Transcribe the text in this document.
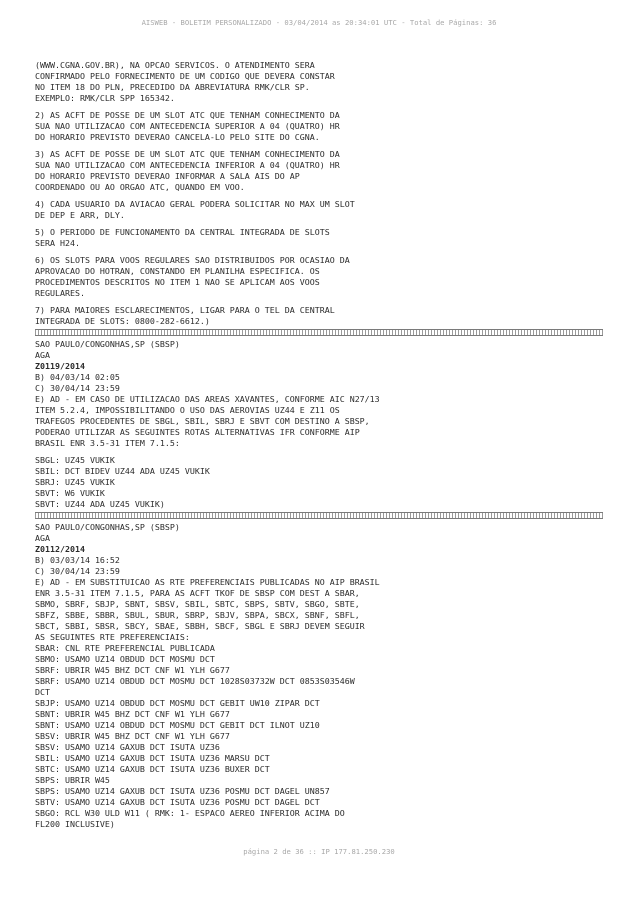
AISWEB - BOLETIM PERSONALIZADO - 03/04/2014 as 20:34:01 UTC - Total de Páginas: 36
(WWW.CGNA.GOV.BR), NA OPCAO SERVICOS. O ATENDIMENTO SERA
CONFIRMADO PELO FORNECIMENTO DE UM CODIGO QUE DEVERA CONSTAR
NO ITEM 18 DO PLN, PRECEDIDO DA ABREVIATURA RMK/CLR SP.
EXEMPLO: RMK/CLR SPP 165342.
2) AS ACFT DE POSSE DE UM SLOT ATC QUE TENHAM CONHECIMENTO DA
SUA NAO UTILIZACAO COM ANTECEDENCIA SUPERIOR A 04 (QUATRO) HR
DO HORARIO PREVISTO DEVERAO CANCELA-LO PELO SITE DO CGNA.
3) AS ACFT DE POSSE DE UM SLOT ATC QUE TENHAM CONHECIMENTO DA
SUA NAO UTILIZACAO COM ANTECEDENCIA INFERIOR A 04 (QUATRO) HR
DO HORARIO PREVISTO DEVERAO INFORMAR A SALA AIS DO AP
COORDENADO OU AO ORGAO ATC, QUANDO EM VOO.
4) CADA USUARIO DA AVIACAO GERAL PODERA SOLICITAR NO MAX UM SLOT
DE DEP E ARR, DLY.
5) O PERIODO DE FUNCIONAMENTO DA CENTRAL INTEGRADA DE SLOTS
SERA H24.
6) OS SLOTS PARA VOOS REGULARES SAO DISTRIBUIDOS POR OCASIAO DA
APROVACAO DO HOTRAN, CONSTANDO EM PLANILHA ESPECIFICA. OS
PROCEDIMENTOS DESCRITOS NO ITEM 1 NAO SE APLICAM AOS VOOS
REGULARES.
7) PARA MAIORES ESCLARECIMENTOS, LIGAR PARA O TEL DA CENTRAL
INTEGRADA DE SLOTS: 0800-282-6612.)
SAO PAULO/CONGONHAS,SP (SBSP)
AGA
Z0119/2014
B) 04/03/14 02:05
C) 30/04/14 23:59
E) AD - EM CASO DE UTILIZACAO DAS AREAS XAVANTES, CONFORME AIC N27/13
ITEM 5.2.4, IMPOSSIBILITANDO O USO DAS AEROVIAS UZ44 E Z11 OS
TRAFEGOS PROCEDENTES DE SBGL, SBIL, SBRJ E SBVT COM DESTINO A SBSP,
PODERAO UTILIZAR AS SEGUINTES ROTAS ALTERNATIVAS IFR CONFORME AIP
BRASIL ENR 3.5-31 ITEM 7.1.5:
SBGL: UZ45 VUKIK
SBIL: DCT BIDEV UZ44 ADA UZ45 VUKIK
SBRJ: UZ45 VUKIK
SBVT: W6 VUKIK
SBVT: UZ44 ADA UZ45 VUKIK)
SAO PAULO/CONGONHAS,SP (SBSP)
AGA
Z0112/2014
B) 03/03/14 16:52
C) 30/04/14 23:59
E) AD - EM SUBSTITUICAO AS RTE PREFERENCIAIS PUBLICADAS NO AIP BRASIL
ENR 3.5-31 ITEM 7.1.5, PARA AS ACFT TKOF DE SBSP COM DEST A SBAR,
SBMO, SBRF, SBJP, SBNT, SBSV, SBIL, SBTC, SBPS, SBTV, SBGO, SBTE,
SBFZ, SBBE, SBBR, SBUL, SBUR, SBRP, SBJV, SBPA, SBCX, SBNF, SBFL,
SBCT, SBBI, SBSR, SBCY, SBAE, SBBH, SBCF, SBGL E SBRJ DEVEM SEGUIR
AS SEGUINTES RTE PREFERENCIAIS:
SBAR: CNL RTE PREFERENCIAL PUBLICADA
SBMO: USAMO UZ14 OBDUD DCT MOSMU DCT
SBRF: UBRIR W45 BHZ DCT CNF W1 YLH G677
SBRF: USAMO UZ14 OBDUD DCT MOSMU DCT 1028S03732W DCT 0853S03546W
DCT
SBJP: USAMO UZ14 OBDUD DCT MOSMU DCT GEBIT UW10 ZIPAR DCT
SBNT: UBRIR W45 BHZ DCT CNF W1 YLH G677
SBNT: USAMO UZ14 OBDUD DCT MOSMU DCT GEBIT DCT ILNOT UZ10
SBSV: UBRIR W45 BHZ DCT CNF W1 YLH G677
SBSV: USAMO UZ14 GAXUB DCT ISUTA UZ36
SBIL: USAMO UZ14 GAXUB DCT ISUTA UZ36 MARSU DCT
SBTC: USAMO UZ14 GAXUB DCT ISUTA UZ36 BUXER DCT
SBPS: UBRIR W45
SBPS: USAMO UZ14 GAXUB DCT ISUTA UZ36 POSMU DCT DAGEL UN857
SBTV: USAMO UZ14 GAXUB DCT ISUTA UZ36 POSMU DCT DAGEL DCT
SBGO: RCL W30 ULD W11 ( RMK: 1- ESPACO AEREO INFERIOR ACIMA DO
FL200 INCLUSIVE)
página 2 de 36 :: IP 177.81.250.230
